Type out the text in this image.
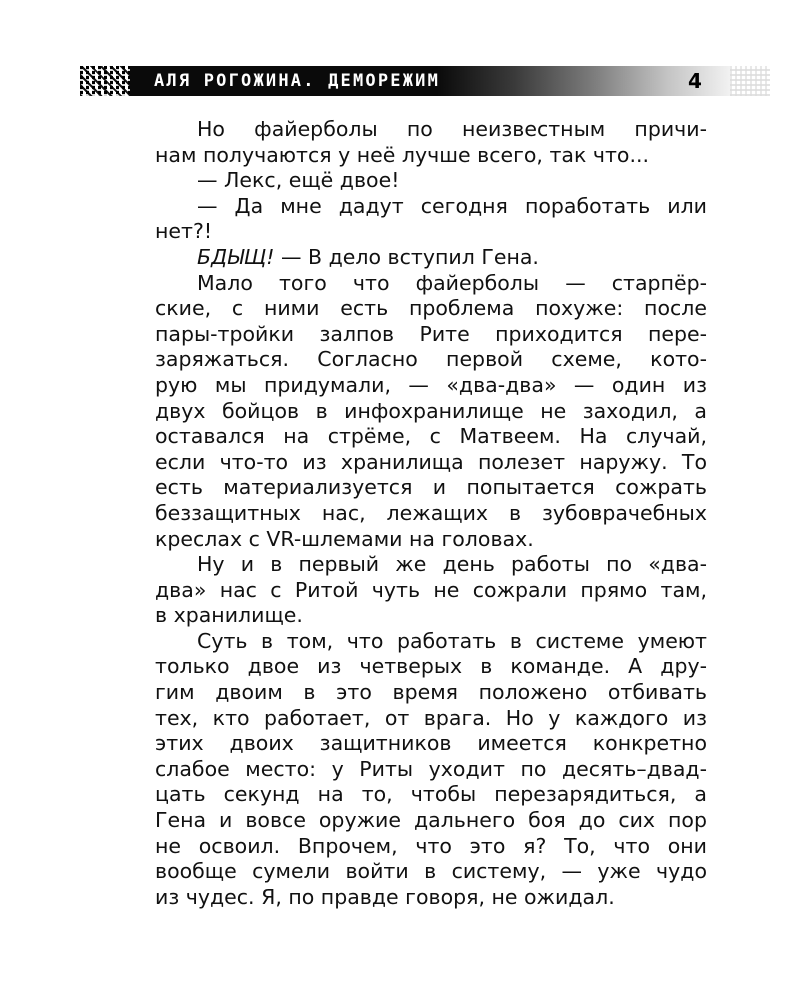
АЛЯ РОГОЖИНА. ДЕМОРЕЖИМ	4
Но файерболы по неизвестным причи-
нам получаются у неё лучше всего, так что...
— Лекс, ещё двое!
— Да мне дадут сегодня поработать или
нет?!
БДЫЩ! — В дело вступил Гена.
Мало того что файерболы — старпёр-
ские, с ними есть проблема похуже: после
пары-тройки залпов Рите приходится пере-
заряжаться. Согласно первой схеме, кото-
рую мы придумали, — «два-два» — один из
двух бойцов в инфохранилище не заходил, а
оставался на стрёме, с Матвеем. На случай,
если что-то из хранилища полезет наружу. То
есть материализуется и попытается сожрать
беззащитных нас, лежащих в зубоврачебных
креслах с VR-шлемами на головах.
Ну и в первый же день работы по «два-
два» нас с Ритой чуть не сожрали прямо там,
в хранилище.
Суть в том, что работать в системе умеют
только двое из четверых в команде. А дру-
гим двоим в это время положено отбивать
тех, кто работает, от врага. Но у каждого из
этих двоих защитников имеется конкретно
слабое место: у Риты уходит по десять–двад-
цать секунд на то, чтобы перезарядиться, а
Гена и вовсе оружие дальнего боя до сих пор
не освоил. Впрочем, что это я? То, что они
вообще сумели войти в систему, — уже чудо
из чудес. Я, по правде говоря, не ожидал.
